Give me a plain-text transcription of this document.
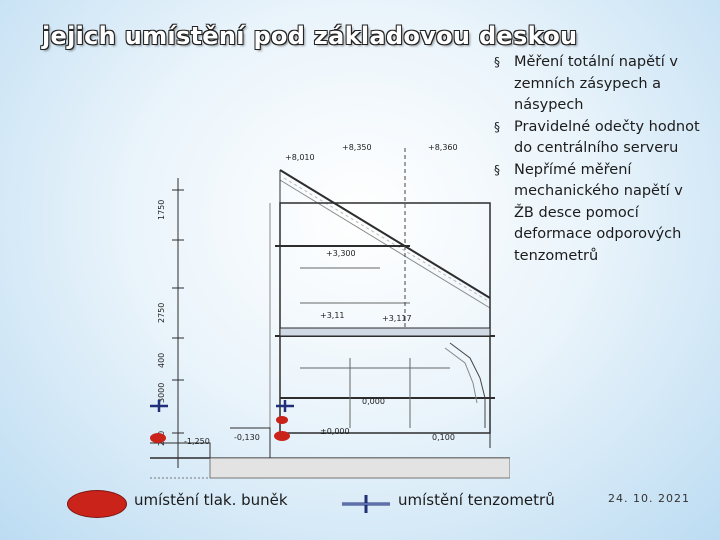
jejich umístění pod základovou deskou
§ Měření totální napětí v zemních zásypech a násypech
§ Pravidelné odečty hodnot do centrálního serveru
§ Nepřímé měření mechanického napětí v ŽB desce pomocí deformace odporových tenzometrů
1750
2750
400
3000
+8,350	+8,360
+8,010
+3,300
+3,117
+3,11
-0,130
-1,250
±0,000
0,000
0,100
umístění tlak. buněk	umístění tenzometrů	24. 10. 2021
